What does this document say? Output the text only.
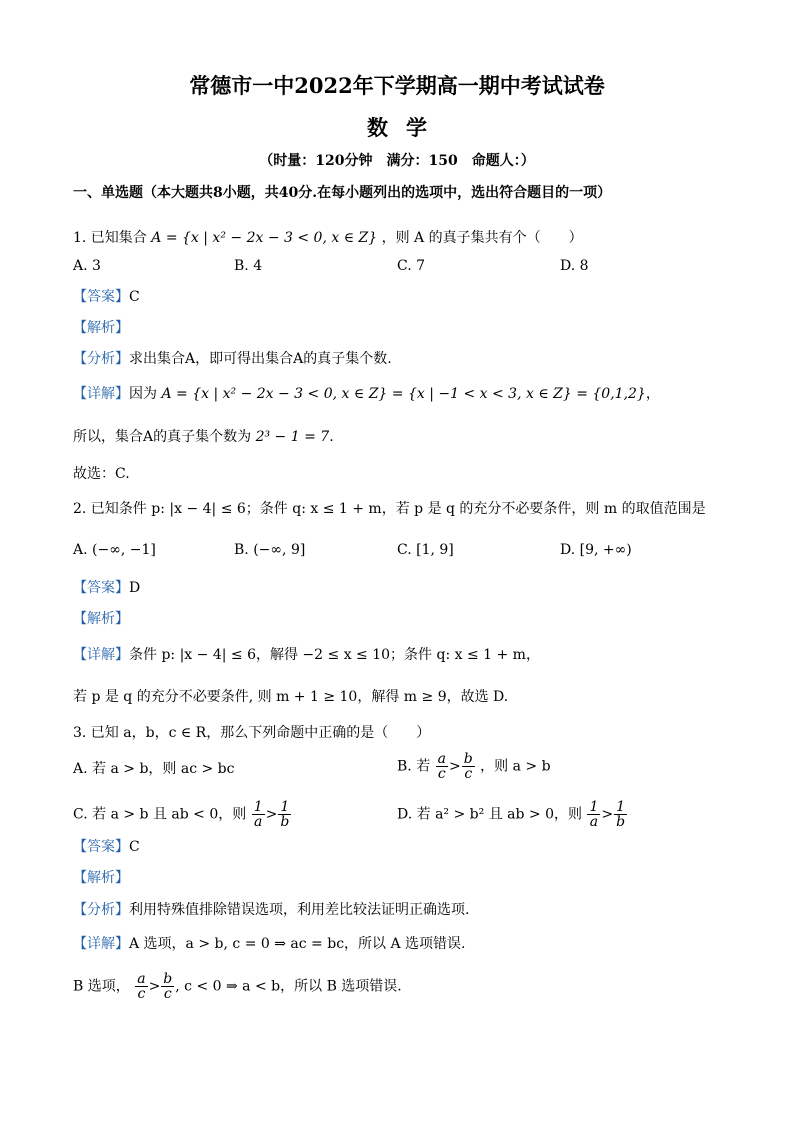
常德市一中2022年下学期高一期中考试试卷
数学
（时量：120分钟　满分：150　命题人：）
一、单选题（本大题共8小题，共40分.在每小题列出的选项中，选出符合题目的一项）
1. 已知集合 A = {x | x² − 2x − 3 < 0, x ∈ Z} ，则 A 的真子集共有个（　　）
A. 3	B. 4	C. 7	D. 8
【答案】C
【解析】
【分析】求出集合A，即可得出集合A的真子集个数.
【详解】因为 A = {x | x² − 2x − 3 < 0, x ∈ Z} = {x | −1 < x < 3, x ∈ Z} = {0,1,2}，
所以，集合A的真子集个数为 2³ − 1 = 7.
故选：C.
2. 已知条件 p: |x − 4| ≤ 6；条件 q: x ≤ 1 + m，若 p 是 q 的充分不必要条件，则 m 的取值范围是
A. (−∞, −1]	B. (−∞, 9]	C. [1, 9]	D. [9, +∞)
【答案】D
【解析】
【详解】条件 p: |x − 4| ≤ 6，解得 −2 ≤ x ≤ 10；条件 q: x ≤ 1 + m，
若 p 是 q 的充分不必要条件, 则 m + 1 ≥ 10，解得 m ≥ 9，故选 D.
3. 已知 a，b，c ∈ R，那么下列命题中正确的是（　　）
A. 若 a > b，则 ac > bc	B. 若 $\frac{a}{c} > \frac{b}{c}$ ，则 a > b
C. 若 a > b 且 ab < 0，则 $\frac{1}{a} > \frac{1}{b}$	D. 若 a² > b² 且 ab > 0，则 $\frac{1}{a} > \frac{1}{b}$
【答案】C
【解析】
【分析】利用特殊值排除错误选项，利用差比较法证明正确选项.
【详解】A 选项，a > b, c = 0 ⇒ ac = bc，所以 A 选项错误.
B 选项， $\frac{a}{c} > \frac{b}{c}$ , c < 0 ⇒ a < b，所以 B 选项错误.
